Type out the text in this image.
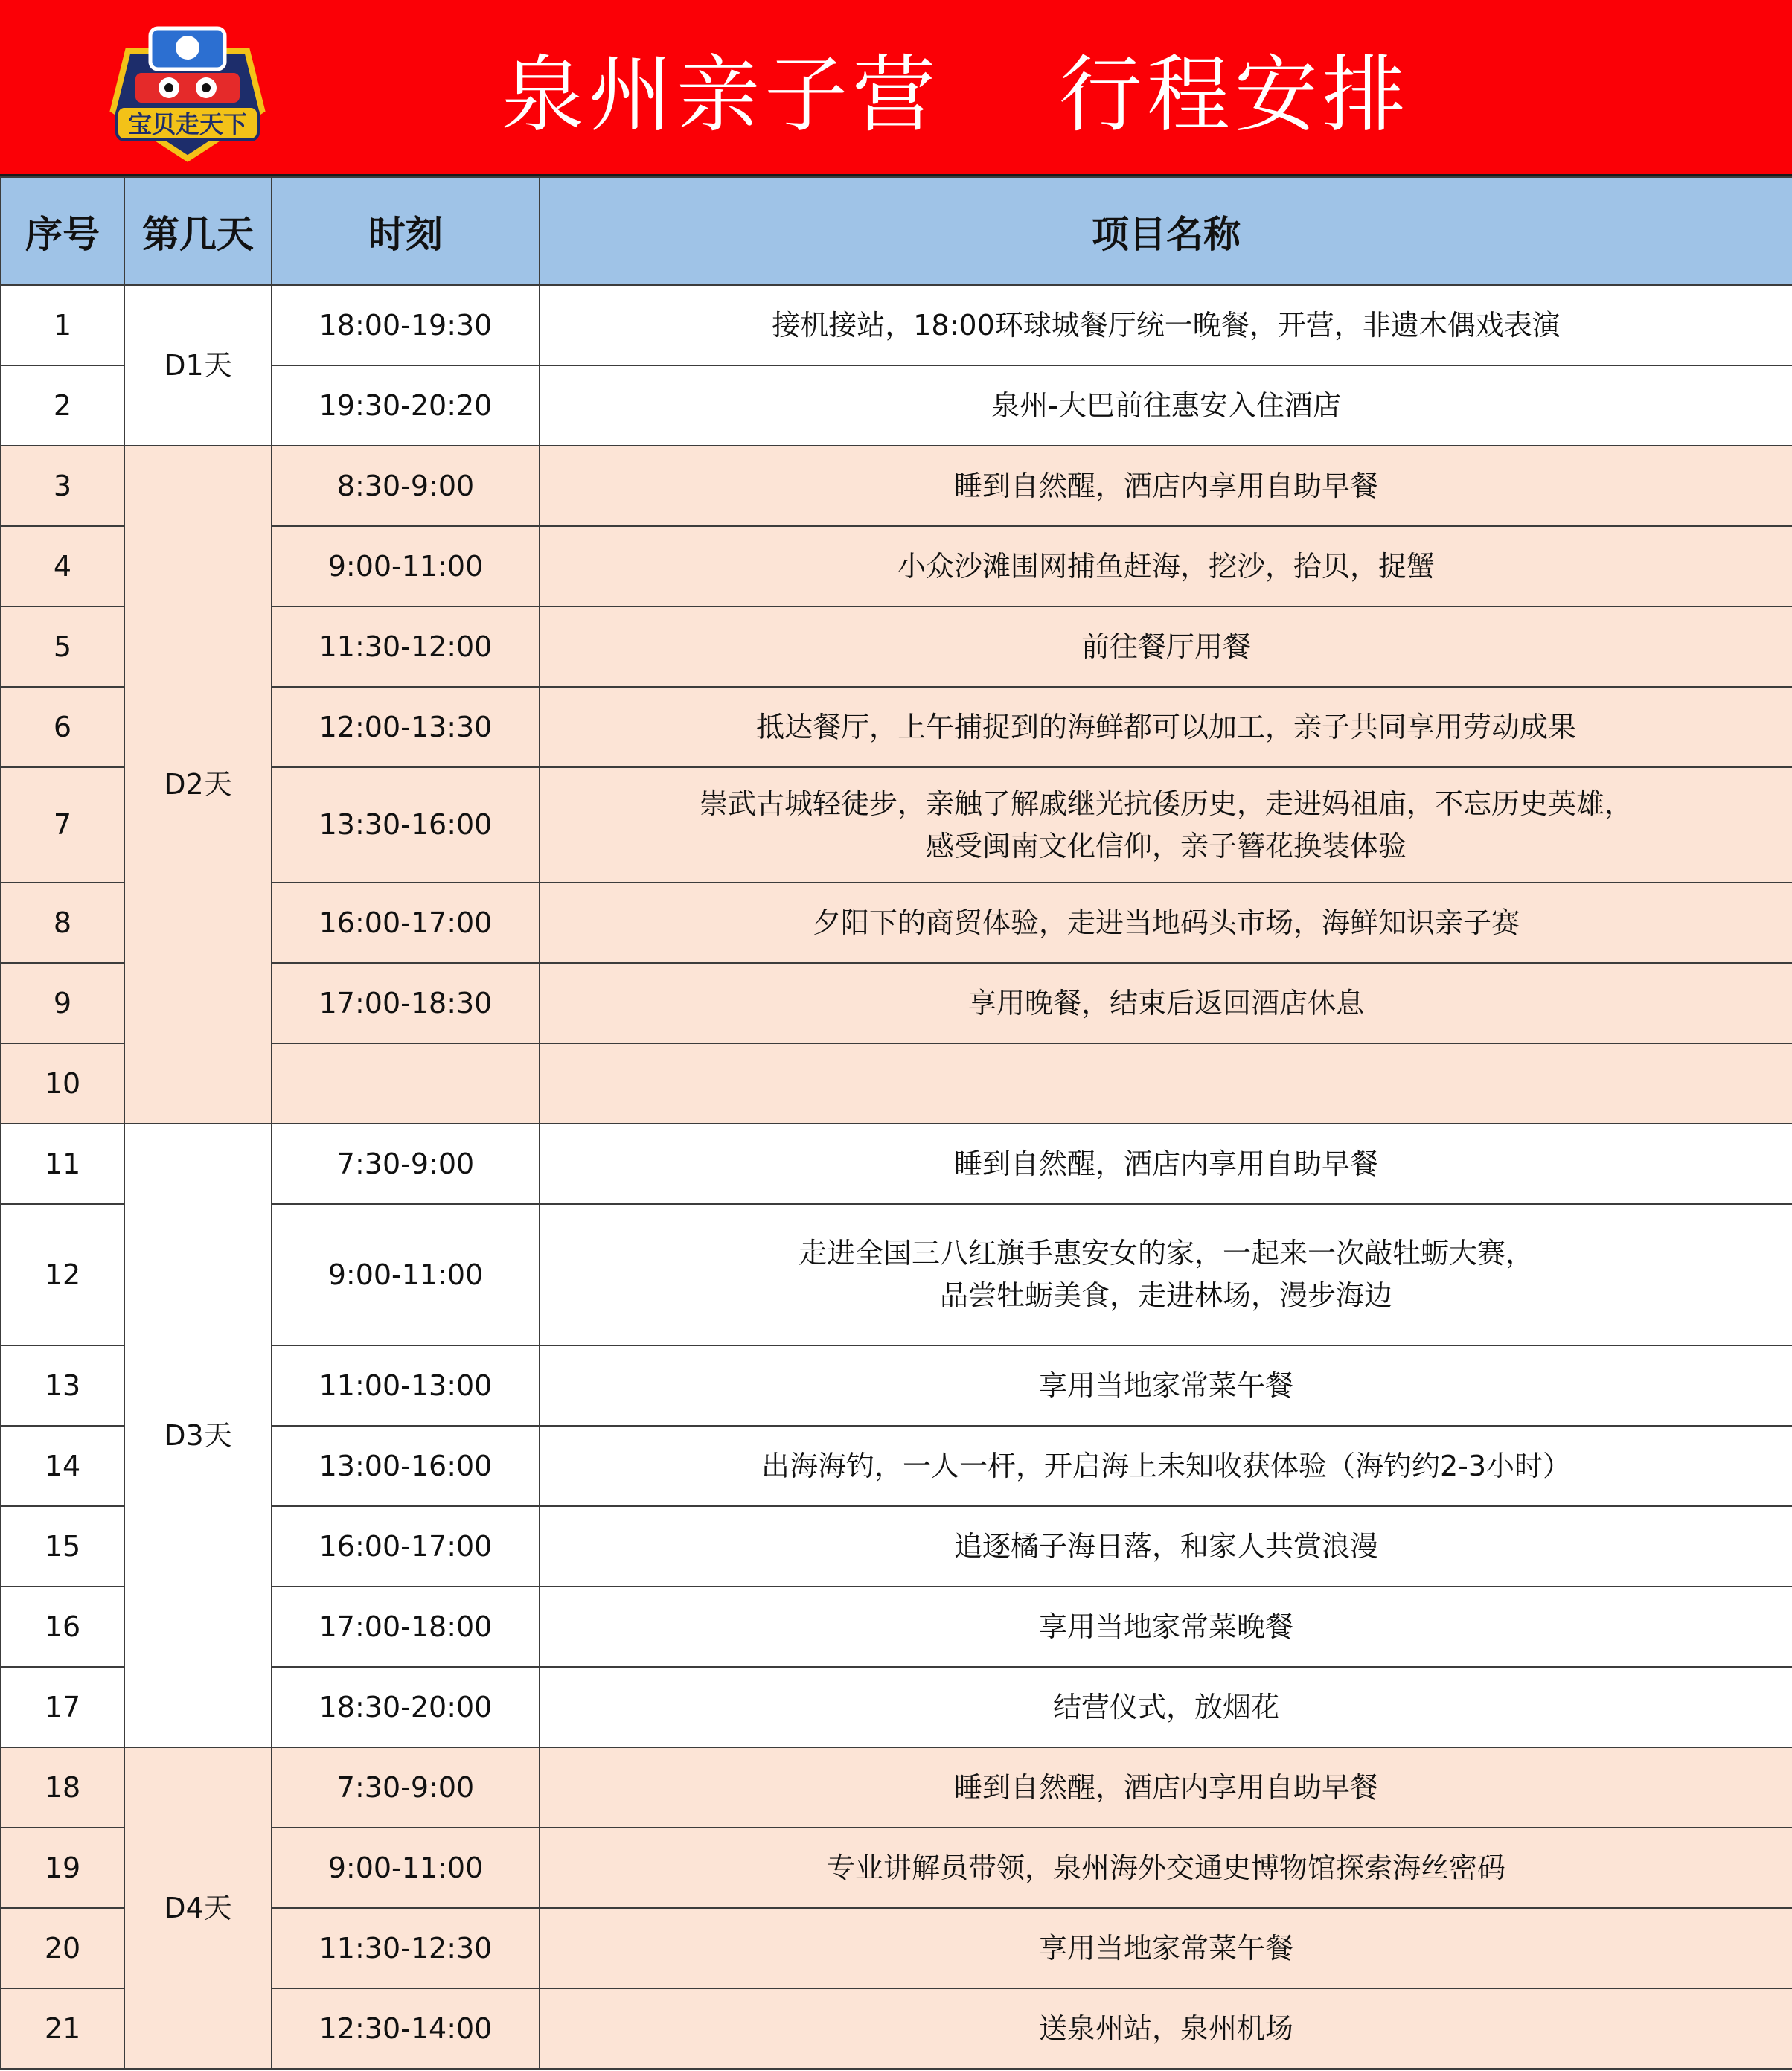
宝贝走天下	泉州亲子营　 行程安排
序号	第几天	时刻	项目名称
1	D1天	18:00-19:30	接机接站，18:00环球城餐厅统一晚餐，开营，非遗木偶戏表演
2		19:30-20:20	泉州-大巴前往惠安入住酒店
3	D2天	8:30-9:00	睡到自然醒，酒店内享用自助早餐
4		9:00-11:00	小众沙滩围网捕鱼赶海，挖沙，拾贝，捉蟹
5		11:30-12:00	前往餐厅用餐
6		12:00-13:30	抵达餐厅，上午捕捉到的海鲜都可以加工，亲子共同享用劳动成果
7		13:30-16:00	崇武古城轻徒步，亲触了解戚继光抗倭历史，走进妈祖庙，不忘历史英雄，
感受闽南文化信仰，亲子簪花换装体验
8		16:00-17:00	夕阳下的商贸体验，走进当地码头市场，海鲜知识亲子赛
9		17:00-18:30	享用晚餐，结束后返回酒店休息
10			
11	D3天	7:30-9:00	睡到自然醒，酒店内享用自助早餐
12		9:00-11:00	走进全国三八红旗手惠安女的家，一起来一次敲牡蛎大赛，
品尝牡蛎美食，走进林场，漫步海边
13		11:00-13:00	享用当地家常菜午餐
14		13:00-16:00	出海海钓，一人一杆，开启海上未知收获体验（海钓约2-3小时）
15		16:00-17:00	追逐橘子海日落，和家人共赏浪漫
16		17:00-18:00	享用当地家常菜晚餐
17		18:30-20:00	结营仪式，放烟花
18	D4天	7:30-9:00	睡到自然醒，酒店内享用自助早餐
19		9:00-11:00	专业讲解员带领，泉州海外交通史博物馆探索海丝密码
20		11:30-12:30	享用当地家常菜午餐
21		12:30-14:00	送泉州站，泉州机场
